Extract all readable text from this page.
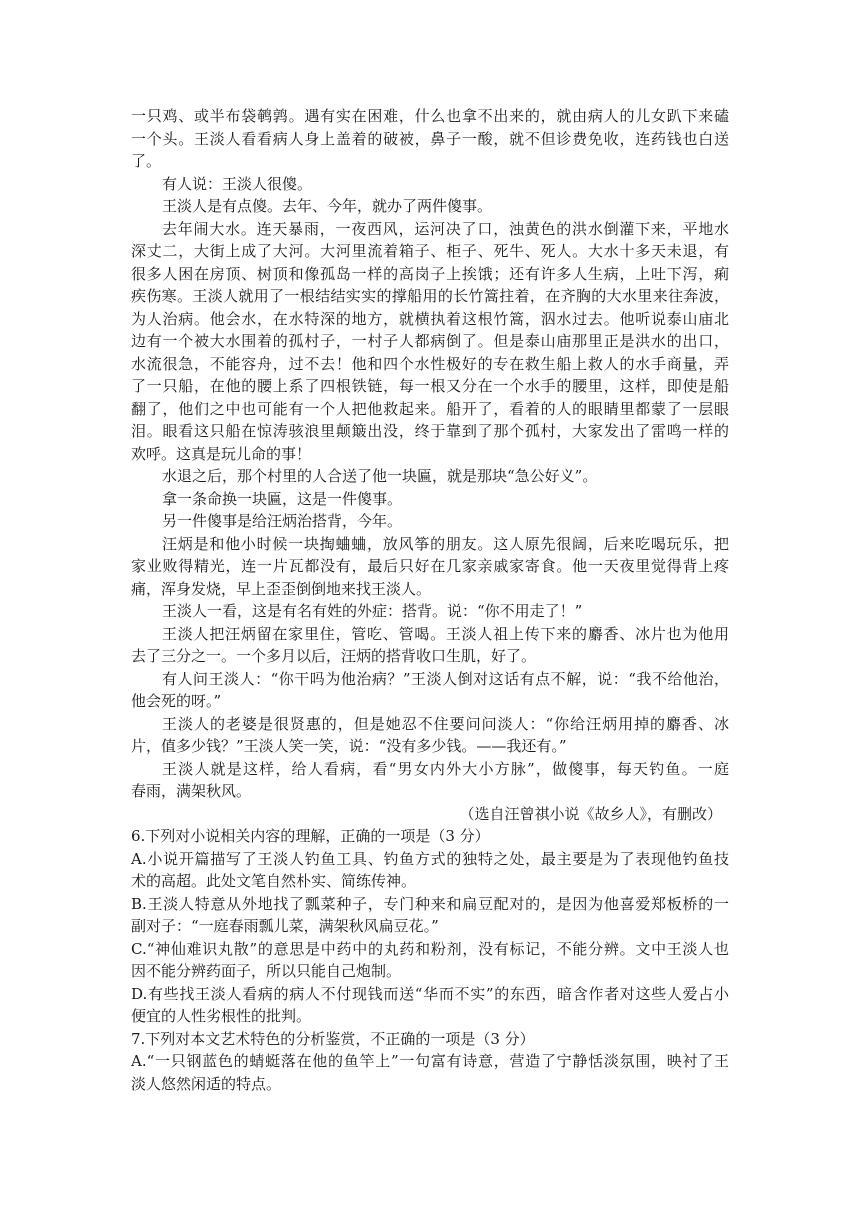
一只鸡、或半布袋鹌鹑。遇有实在困难，什么也拿不出来的，就由病人的儿女趴下来磕
一个头。王淡人看看病人身上盖着的破被，鼻子一酸，就不但诊费免收，连药钱也白送
了。
有人说：王淡人很傻。
王淡人是有点傻。去年、今年，就办了两件傻事。
去年闹大水。连天暴雨，一夜西风，运河决了口，浊黄色的洪水倒灌下来，平地水
深丈二，大街上成了大河。大河里流着箱子、柜子、死牛、死人。大水十多天未退，有
很多人困在房顶、树顶和像孤岛一样的高岗子上挨饿；还有许多人生病，上吐下泻，痢
疾伤寒。王淡人就用了一根结结实实的撑船用的长竹篙拄着，在齐胸的大水里来往奔波，
为人治病。他会水，在水特深的地方，就横执着这根竹篙，泅水过去。他听说泰山庙北
边有一个被大水围着的孤村子，一村子人都病倒了。但是泰山庙那里正是洪水的出口，
水流很急，不能容舟，过不去！他和四个水性极好的专在救生船上救人的水手商量，弄
了一只船，在他的腰上系了四根铁链，每一根又分在一个水手的腰里，这样，即使是船
翻了，他们之中也可能有一个人把他救起来。船开了，看着的人的眼睛里都蒙了一层眼
泪。眼看这只船在惊涛骇浪里颠簸出没，终于靠到了那个孤村，大家发出了雷鸣一样的
欢呼。这真是玩儿命的事！
水退之后，那个村里的人合送了他一块匾，就是那块“急公好义”。
拿一条命换一块匾，这是一件傻事。
另一件傻事是给汪炳治搭背，今年。
汪炳是和他小时候一块掏蛐蛐，放风筝的朋友。这人原先很阔，后来吃喝玩乐，把
家业败得精光，连一片瓦都没有，最后只好在几家亲戚家寄食。他一天夜里觉得背上疼
痛，浑身发烧，早上歪歪倒倒地来找王淡人。
王淡人一看，这是有名有姓的外症：搭背。说：“你不用走了！”
王淡人把汪炳留在家里住，管吃、管喝。王淡人祖上传下来的麝香、冰片也为他用
去了三分之一。一个多月以后，汪炳的搭背收口生肌，好了。
有人问王淡人：“你干吗为他治病？”王淡人倒对这话有点不解，说：“我不给他治，
他会死的呀。”
王淡人的老婆是很贤惠的，但是她忍不住要问问淡人：“你给汪炳用掉的麝香、冰
片，值多少钱？”王淡人笑一笑，说：“没有多少钱。——我还有。”
王淡人就是这样，给人看病，看“男女内外大小方脉”，做傻事，每天钓鱼。一庭
春雨，满架秋风。
（选自汪曾祺小说《故乡人》，有删改）
6.下列对小说相关内容的理解，正确的一项是（3 分）
A.小说开篇描写了王淡人钓鱼工具、钓鱼方式的独特之处，最主要是为了表现他钓鱼技
术的高超。此处文笔自然朴实、简练传神。
B.王淡人特意从外地找了瓢菜种子，专门种来和扁豆配对的，是因为他喜爱郑板桥的一
副对子：“一庭春雨瓢儿菜，满架秋风扁豆花。”
C.“神仙难识丸散”的意思是中药中的丸药和粉剂，没有标记，不能分辨。文中王淡人也
因不能分辨药面子，所以只能自己炮制。
D.有些找王淡人看病的病人不付现钱而送“华而不实”的东西，暗含作者对这些人爱占小
便宜的人性劣根性的批判。
7.下列对本文艺术特色的分析鉴赏，不正确的一项是（3 分）
A.“一只钢蓝色的蜻蜓落在他的鱼竿上”一句富有诗意，营造了宁静恬淡氛围，映衬了王
淡人悠然闲适的特点。
